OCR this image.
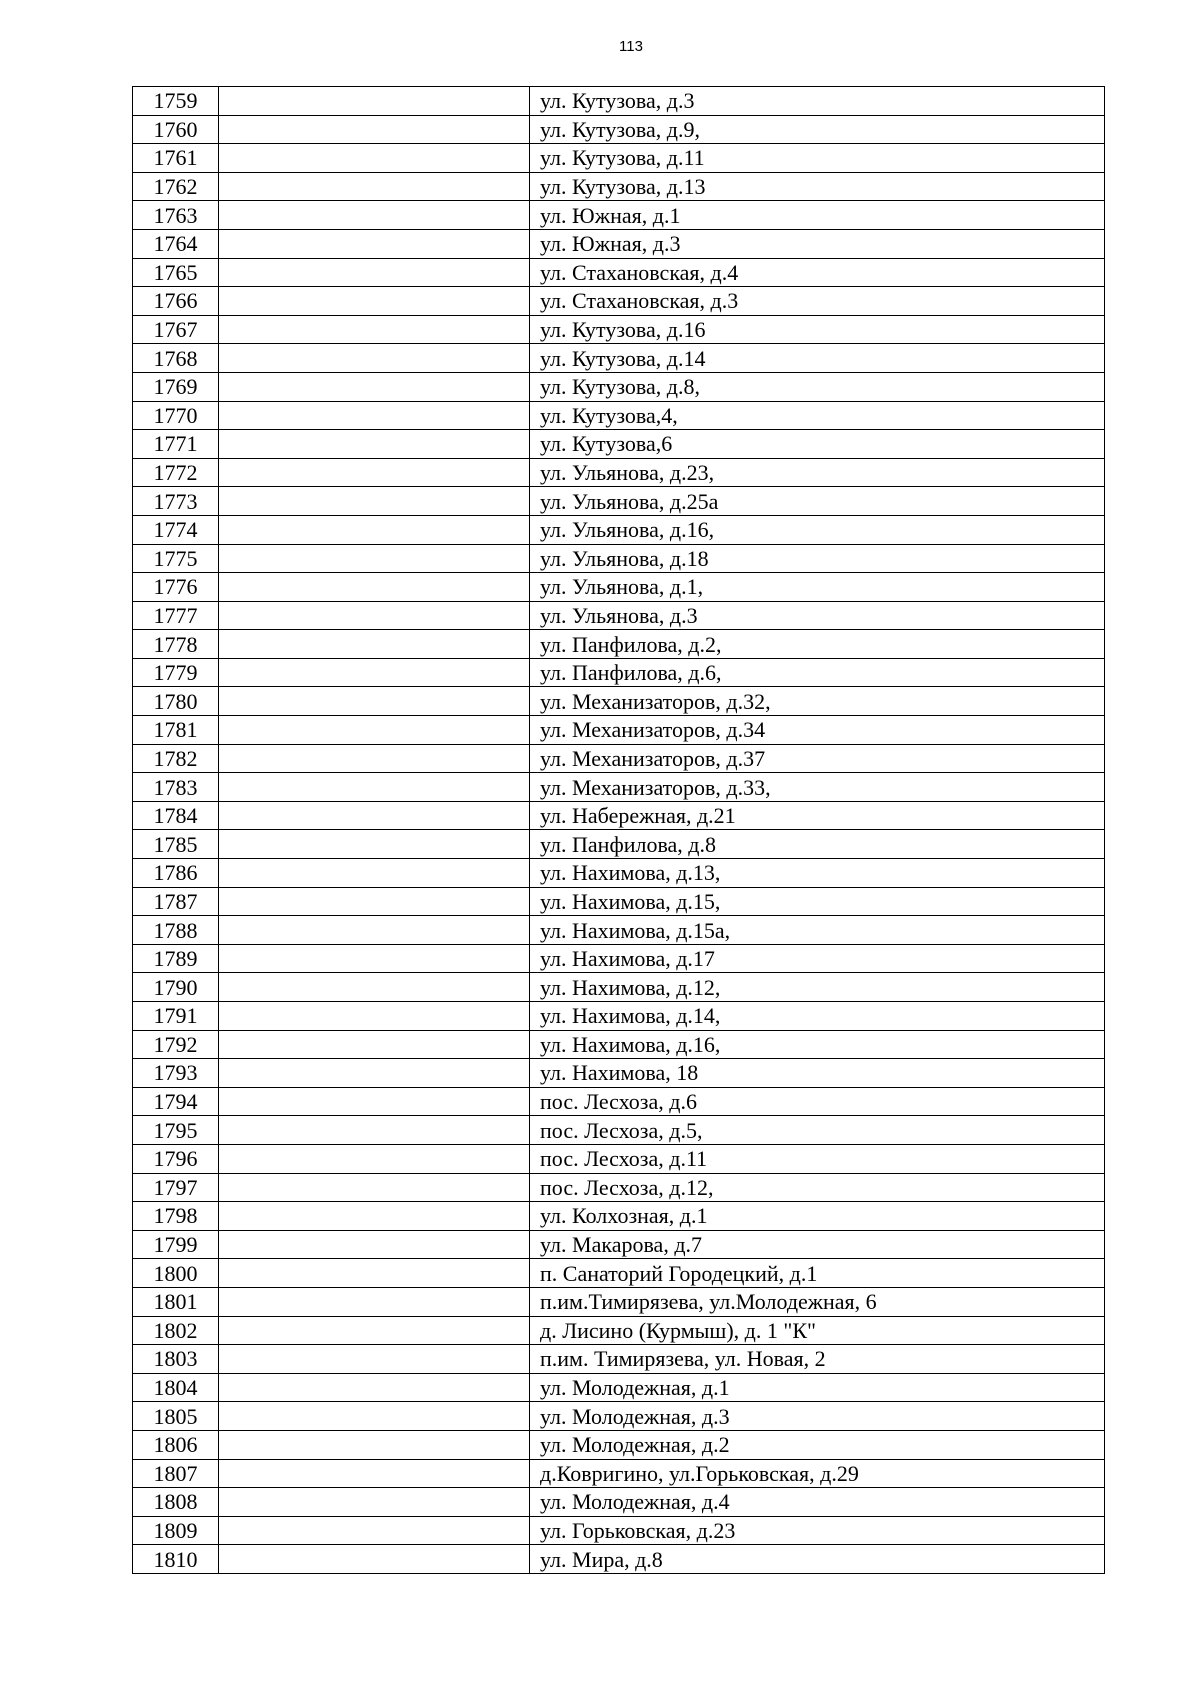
113
1759		ул. Кутузова, д.3
1760		ул. Кутузова, д.9,
1761		ул. Кутузова, д.11
1762		ул. Кутузова, д.13
1763		ул. Южная, д.1
1764		ул. Южная, д.3
1765		ул. Стахановская, д.4
1766		ул. Стахановская, д.3
1767		ул. Кутузова, д.16
1768		ул. Кутузова, д.14
1769		ул. Кутузова, д.8,
1770		ул. Кутузова,4,
1771		ул. Кутузова,6
1772		ул. Ульянова, д.23,
1773		ул. Ульянова, д.25а
1774		ул. Ульянова, д.16,
1775		ул. Ульянова, д.18
1776		ул. Ульянова, д.1,
1777		ул. Ульянова, д.3
1778		ул. Панфилова, д.2,
1779		ул. Панфилова, д.6,
1780		ул. Механизаторов, д.32,
1781		ул. Механизаторов, д.34
1782		ул. Механизаторов, д.37
1783		ул. Механизаторов, д.33,
1784		ул. Набережная, д.21
1785		ул. Панфилова, д.8
1786		ул. Нахимова, д.13,
1787		ул. Нахимова, д.15,
1788		ул. Нахимова, д.15а,
1789		ул. Нахимова, д.17
1790		ул. Нахимова, д.12,
1791		ул. Нахимова, д.14,
1792		ул. Нахимова, д.16,
1793		ул. Нахимова, 18
1794		пос. Лесхоза, д.6
1795		пос. Лесхоза, д.5,
1796		пос. Лесхоза, д.11
1797		пос. Лесхоза, д.12,
1798		ул. Колхозная, д.1
1799		ул. Макарова, д.7
1800		п. Санаторий Городецкий, д.1
1801		п.им.Тимирязева, ул.Молодежная, 6
1802		д. Лисино (Курмыш), д. 1 "К"
1803		п.им. Тимирязева, ул. Новая, 2
1804		ул. Молодежная, д.1
1805		ул. Молодежная, д.3
1806		ул. Молодежная, д.2
1807		д.Ковригино, ул.Горьковская, д.29
1808		ул. Молодежная, д.4
1809		ул. Горьковская, д.23
1810		ул. Мира, д.8
